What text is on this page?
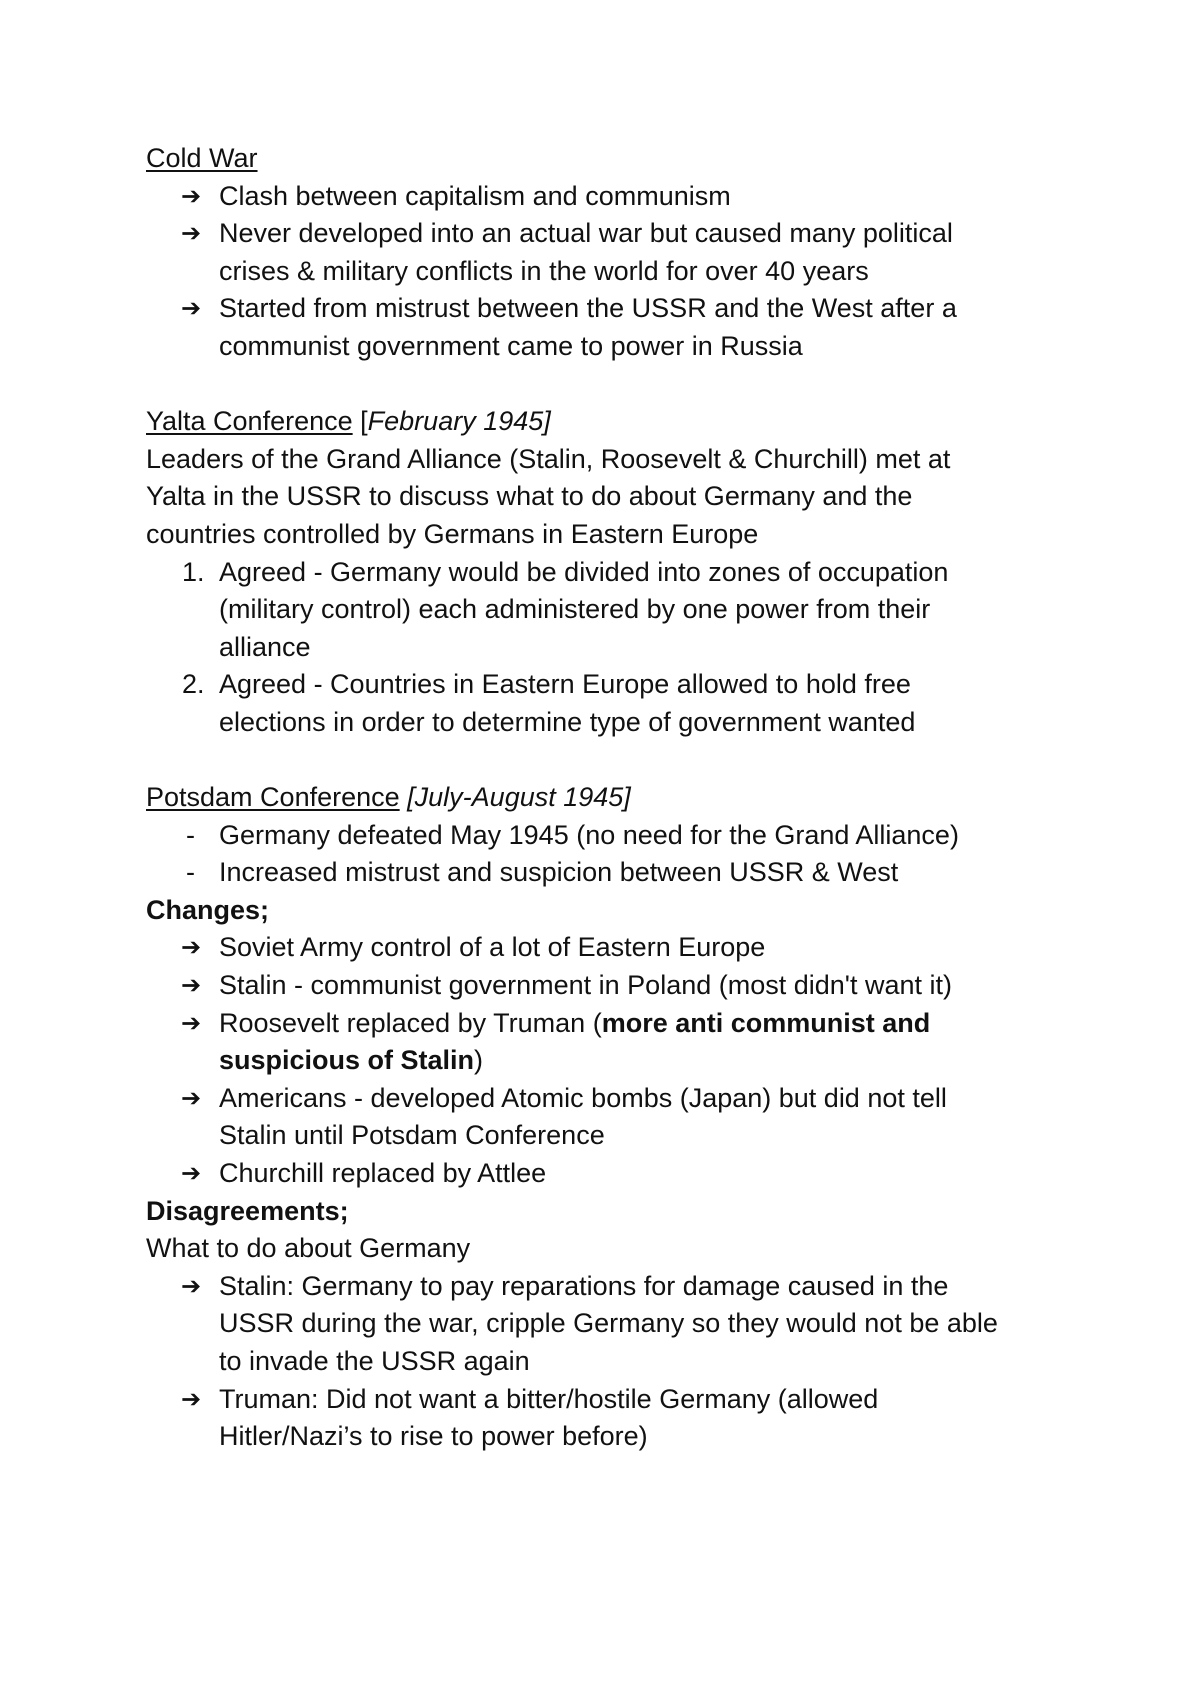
Cold War
➔ Clash between capitalism and communism
➔ Never developed into an actual war but caused many political
crises & military conflicts in the world for over 40 years
➔ Started from mistrust between the USSR and the West after a
communist government came to power in Russia
Yalta Conference [February 1945]
Leaders of the Grand Alliance (Stalin, Roosevelt & Churchill) met at
Yalta in the USSR to discuss what to do about Germany and the
countries controlled by Germans in Eastern Europe
1. Agreed - Germany would be divided into zones of occupation
(military control) each administered by one power from their
alliance
2. Agreed - Countries in Eastern Europe allowed to hold free
elections in order to determine type of government wanted
Potsdam Conference [July-August 1945]
- Germany defeated May 1945 (no need for the Grand Alliance)
- Increased mistrust and suspicion between USSR & West
Changes;
➔ Soviet Army control of a lot of Eastern Europe
➔ Stalin - communist government in Poland (most didn't want it)
➔ Roosevelt replaced by Truman (more anti communist and
suspicious of Stalin)
➔ Americans - developed Atomic bombs (Japan) but did not tell
Stalin until Potsdam Conference
➔ Churchill replaced by Attlee
Disagreements;
What to do about Germany
➔ Stalin: Germany to pay reparations for damage caused in the
USSR during the war, cripple Germany so they would not be able
to invade the USSR again
➔ Truman: Did not want a bitter/hostile Germany (allowed
Hitler/Nazi’s to rise to power before)
